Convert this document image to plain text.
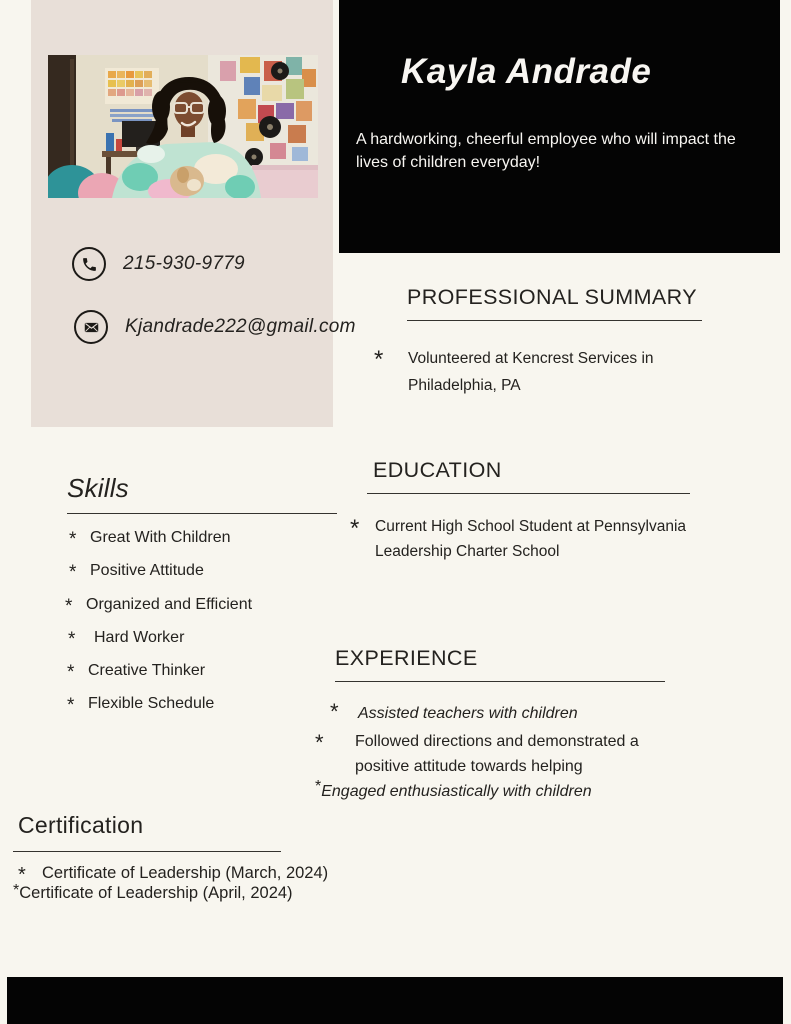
215-930-9779
Kjandrade222@gmail.com
Kayla Andrade

A hardworking, cheerful employee who will impact the lives of children everyday!

PROFESSIONAL SUMMARY
*	Volunteered at Kencrest Services in Philadelphia, PA
Skills
* Great With Children
* Positive Attitude
* Organized and Efficient
*	Hard Worker
* Creative Thinker
* Flexible Schedule
EDUCATION
*	Current High School Student at Pennsylvania Leadership Charter School
EXPERIENCE
*	Assisted teachers with children
*	Followed directions and demonstrated a positive attitude towards helping
* Engaged enthusiastically with children
Certification
* Certificate of Leadership (March, 2024)
* Certificate of Leadership (April, 2024)
